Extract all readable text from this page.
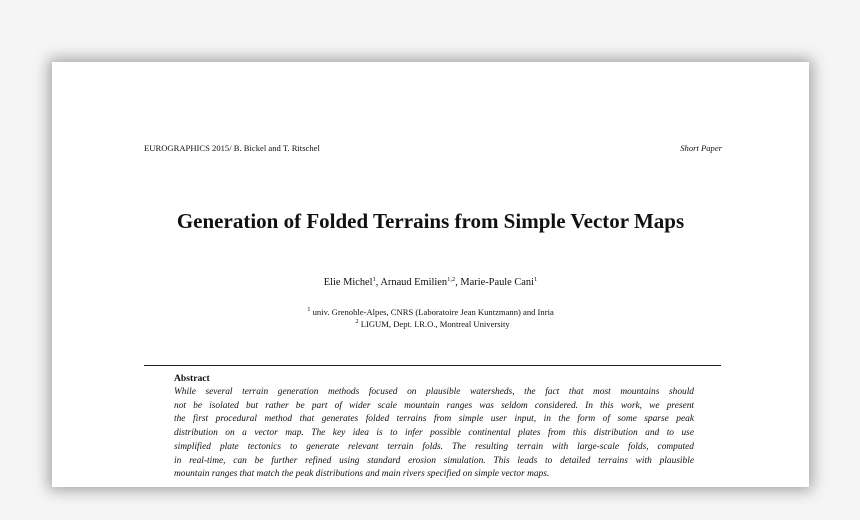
EUROGRAPHICS 2015/ B. Bickel and T. Ritschel	Short Paper
Generation of Folded Terrains from Simple Vector Maps
Elie Michel$^1$, Arnaud Emilien$^{1,2}$, Marie-Paule Cani$^1$
$^1$ univ. Grenoble-Alpes, CNRS (Laboratoire Jean Kuntzmann) and Inria
$^2$ LIGUM, Dept. I.R.O., Montreal University
Abstract
While several terrain generation methods focused on plausible watersheds, the fact that most mountains should
not be isolated but rather be part of wider scale mountain ranges was seldom considered. In this work, we present
the first procedural method that generates folded terrains from simple user input, in the form of some sparse peak
distribution on a vector map. The key idea is to infer possible continental plates from this distribution and to use
simplified plate tectonics to generate relevant terrain folds. The resulting terrain with large-scale folds, computed
in real-time, can be further refined using standard erosion simulation. This leads to detailed terrains with plausible
mountain ranges that match the peak distributions and main rivers specified on simple vector maps.
